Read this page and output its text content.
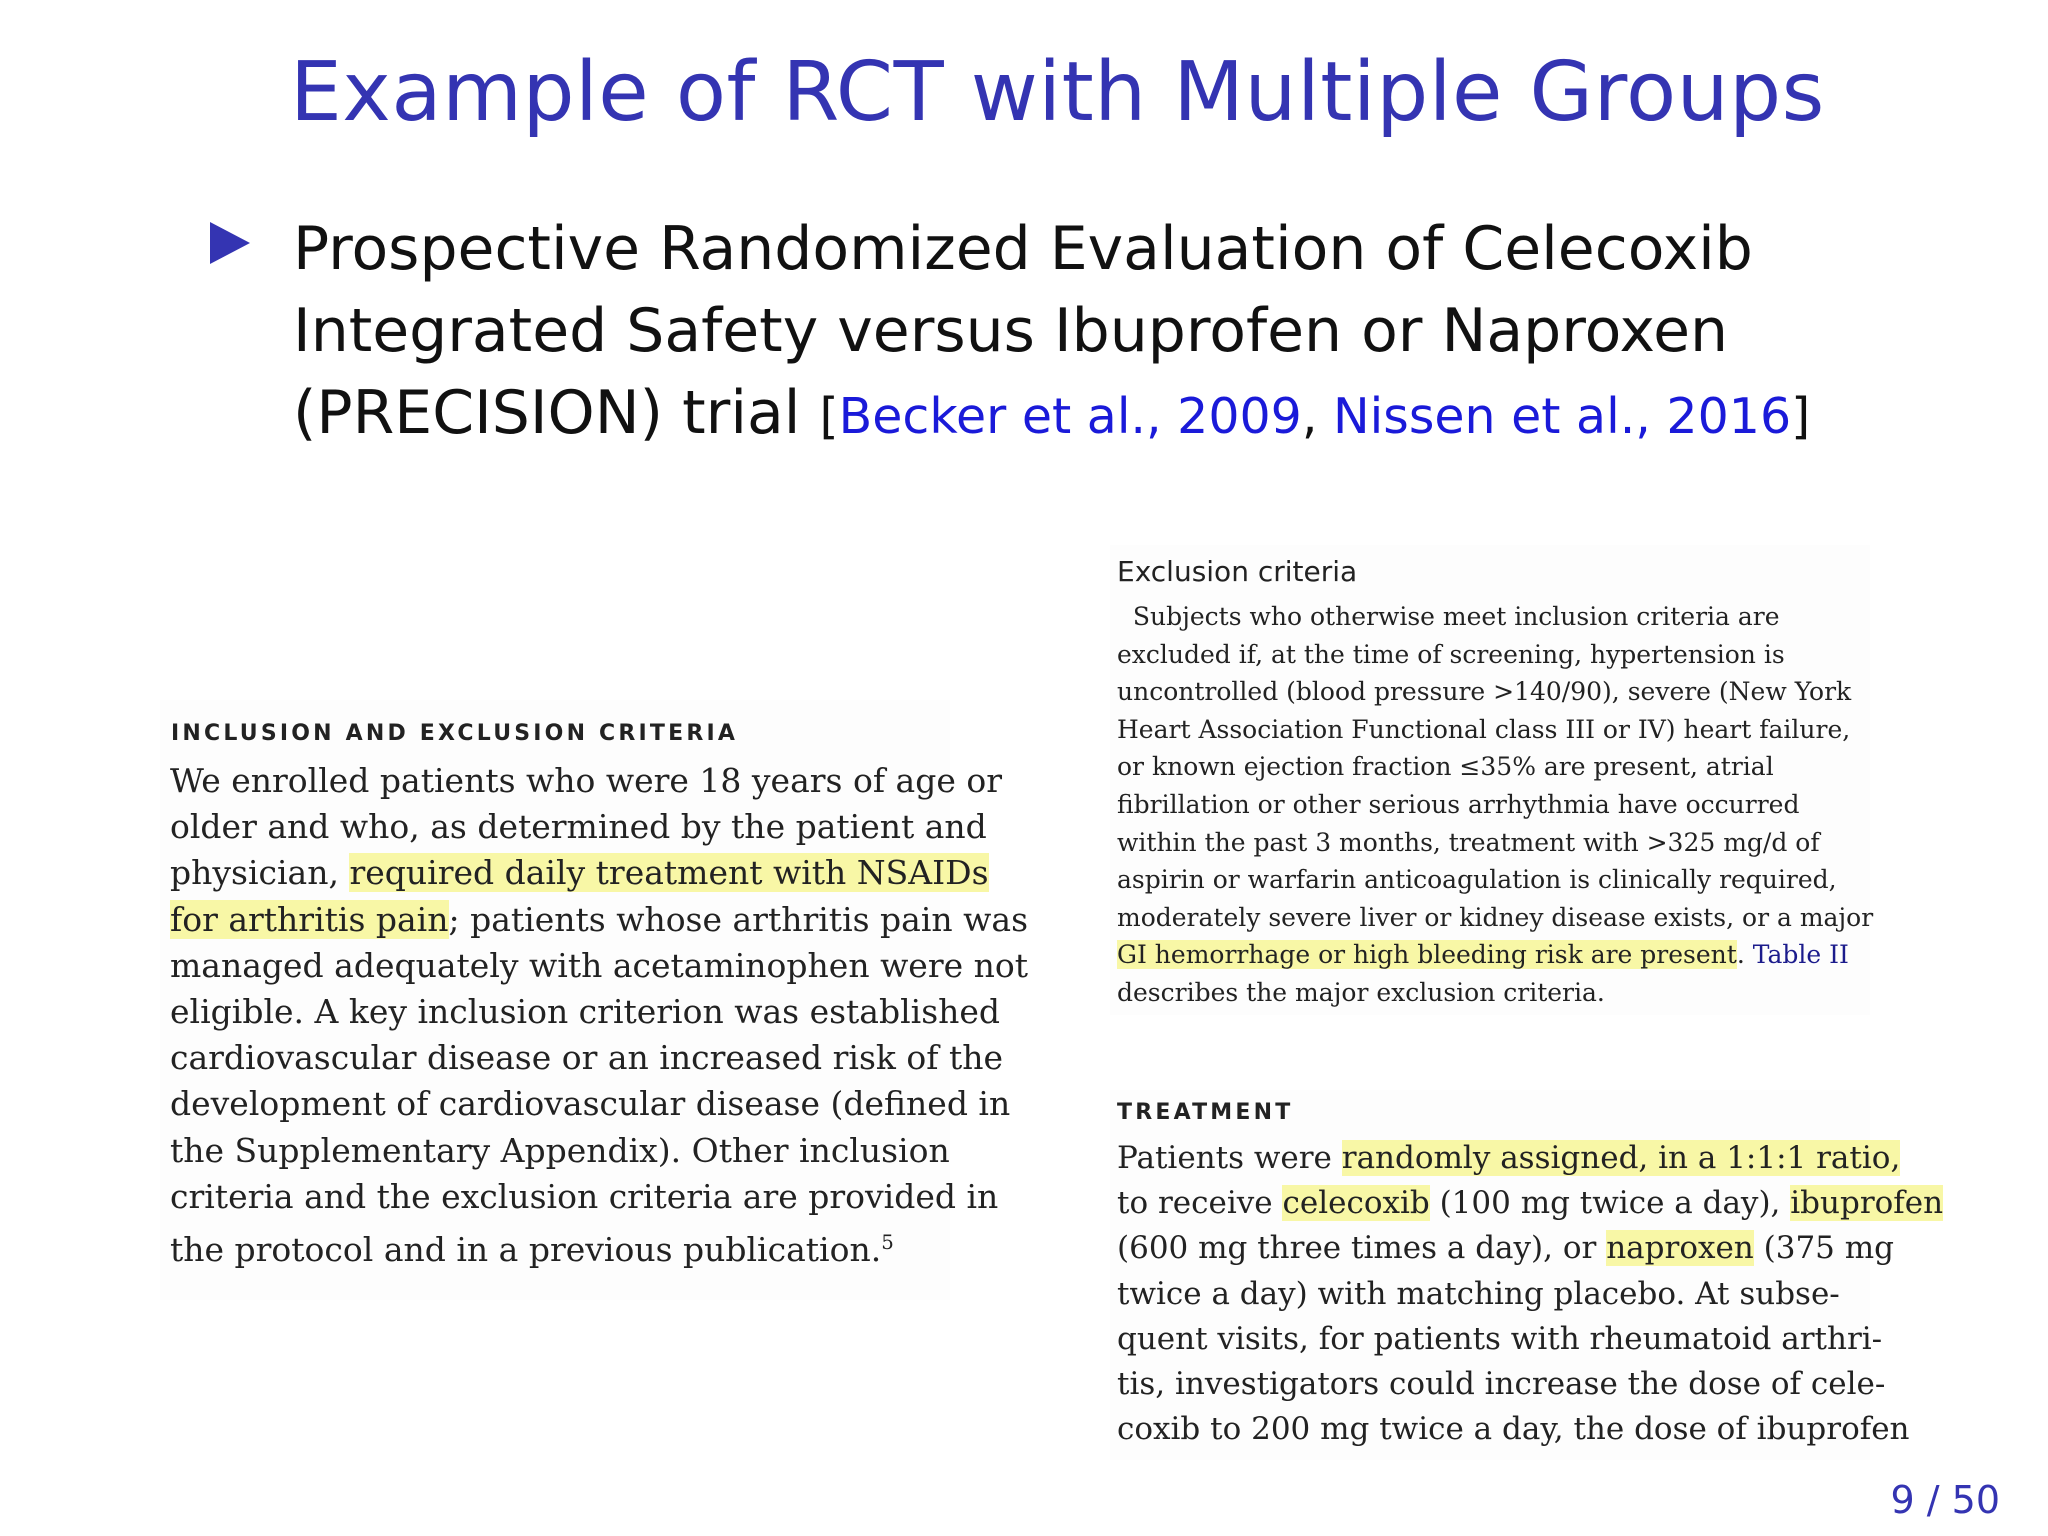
Example of RCT with Multiple Groups
Prospective Randomized Evaluation of Celecoxib
Integrated Safety versus Ibuprofen or Naproxen
(PRECISION) trial [Becker et al., 2009, Nissen et al., 2016]
INCLUSION AND EXCLUSION CRITERIA
We enrolled patients who were 18 years of age or
older and who, as determined by the patient and
physician, required daily treatment with NSAIDs
for arthritis pain; patients whose arthritis pain was
managed adequately with acetaminophen were not
eligible. A key inclusion criterion was established
cardiovascular disease or an increased risk of the
development of cardiovascular disease (defined in
the Supplementary Appendix). Other inclusion
criteria and the exclusion criteria are provided in
the protocol and in a previous publication.$^5$
Exclusion criteria
Subjects who otherwise meet inclusion criteria are
excluded if, at the time of screening, hypertension is
uncontrolled (blood pressure >140/90), severe (New York
Heart Association Functional class III or IV) heart failure,
or known ejection fraction ≤35% are present, atrial
fibrillation or other serious arrhythmia have occurred
within the past 3 months, treatment with >325 mg/d of
aspirin or warfarin anticoagulation is clinically required,
moderately severe liver or kidney disease exists, or a major
GI hemorrhage or high bleeding risk are present. Table II
describes the major exclusion criteria.
TREATMENT
Patients were randomly assigned, in a 1:1:1 ratio,
to receive celecoxib (100 mg twice a day), ibuprofen
(600 mg three times a day), or naproxen (375 mg
twice a day) with matching placebo. At subse-
quent visits, for patients with rheumatoid arthri-
tis, investigators could increase the dose of cele-
coxib to 200 mg twice a day, the dose of ibuprofen
9 / 50
